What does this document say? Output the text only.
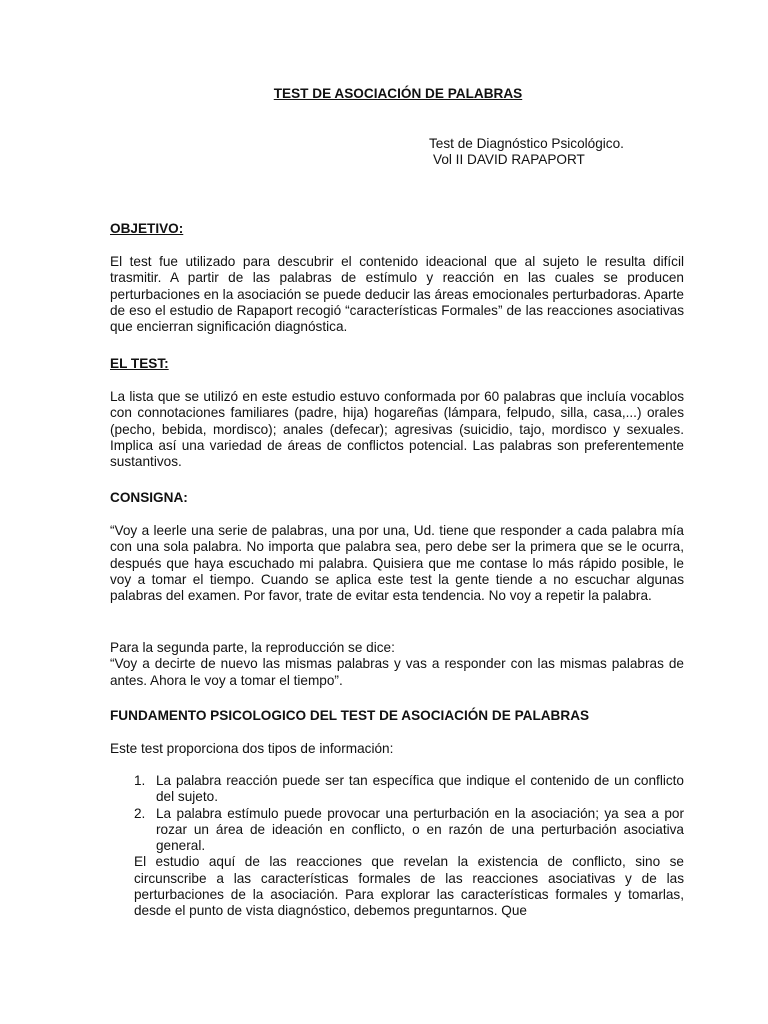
TEST DE ASOCIACIÓN DE PALABRAS
Test de Diagnóstico Psicológico.
Vol II DAVID RAPAPORT
OBJETIVO:

El test fue utilizado para descubrir el contenido ideacional que al sujeto le resulta difícil trasmitir. A partir de las palabras de estímulo y reacción en las cuales se producen perturbaciones en la asociación se puede deducir las áreas emocionales perturbadoras. Aparte de eso el estudio de Rapaport recogió “características Formales” de las reacciones asociativas que encierran significación diagnóstica.

EL TEST:

La lista que se utilizó en este estudio estuvo conformada por 60 palabras que incluía vocablos con connotaciones familiares (padre, hija) hogareñas (lámpara, felpudo, silla, casa,...) orales (pecho, bebida, mordisco); anales (defecar); agresivas (suicidio, tajo, mordisco y sexuales. Implica así una variedad de áreas de conflictos potencial. Las palabras son preferentemente sustantivos.

CONSIGNA:

“Voy a leerle una serie de palabras, una por una, Ud. tiene que responder a cada palabra mía con una sola palabra. No importa que palabra sea, pero debe ser la primera que se le ocurra, después que haya escuchado mi palabra. Quisiera que me contase lo más rápido posible, le voy a tomar el tiempo. Cuando se aplica este test la gente tiende a no escuchar algunas palabras del examen. Por favor, trate de evitar esta tendencia. No voy a repetir la palabra.

Para la segunda parte, la reproducción se dice:

“Voy a decirte de nuevo las mismas palabras y vas a responder con las mismas palabras de antes. Ahora le voy a tomar el tiempo”.

FUNDAMENTO PSICOLOGICO DEL TEST DE ASOCIACIÓN DE PALABRAS
Este test proporciona dos tipos de información:
1. La palabra reacción puede ser tan específica que indique el contenido de un conflicto del sujeto.
2. La palabra estímulo puede provocar una perturbación en la asociación; ya sea a por rozar un área de ideación en conflicto, o en razón de una perturbación asociativa general.
El estudio aquí de las reacciones que revelan la existencia de conflicto, sino se circunscribe a las características formales de las reacciones asociativas y de las perturbaciones de la asociación. Para explorar las características formales y tomarlas, desde el punto de vista diagnóstico, debemos preguntarnos. Que
